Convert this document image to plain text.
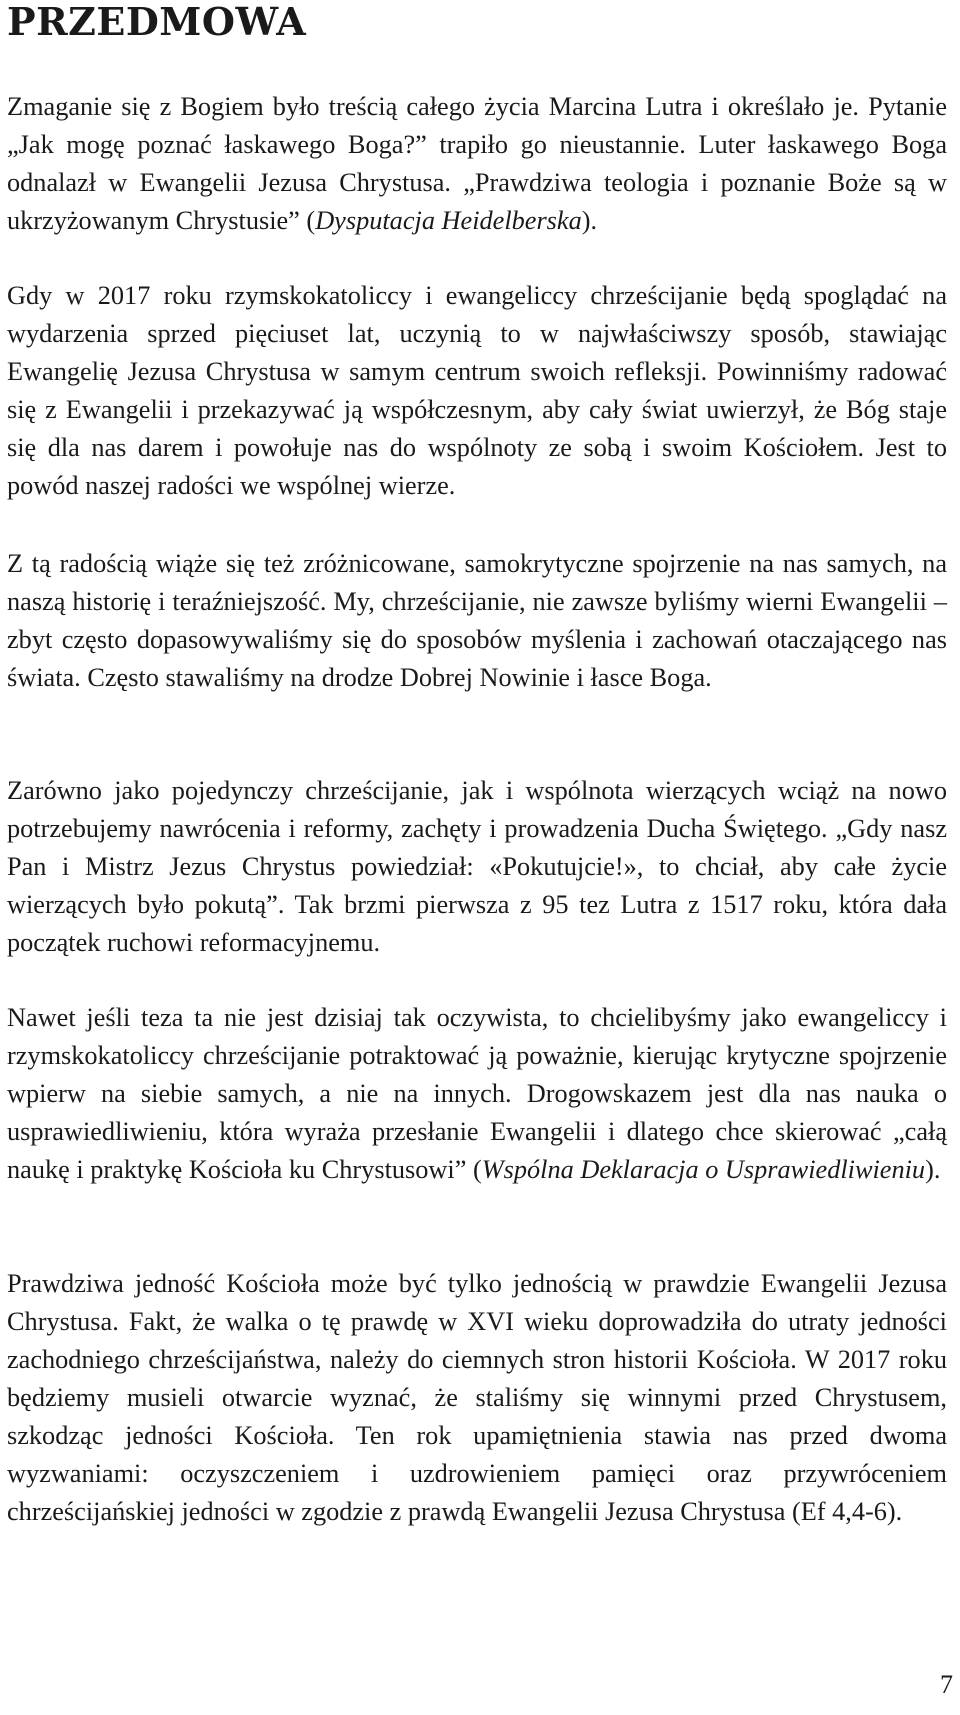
PRZEDMOWA

Zmaganie się z Bogiem było treścią całego życia Marcina Lutra i określało je. Pytanie „Jak mogę poznać łaskawego Boga?” trapiło go nieustannie. Luter łaskawego Boga odnalazł w Ewangelii Jezusa Chrystusa. „Prawdziwa teologia i poznanie Boże są w ukrzyżowanym Chrystusie” (Dysputacja Heidelberska).

Gdy w 2017 roku rzymskokatoliccy i ewangeliccy chrześcijanie będą spoglądać na wydarzenia sprzed pięciuset lat, uczynią to w najwłaściwszy sposób, stawiając Ewangelię Jezusa Chrystusa w samym centrum swoich refleksji. Powinniśmy radować się z Ewangelii i przekazywać ją współczesnym, aby cały świat uwierzył, że Bóg staje się dla nas darem i powołuje nas do wspólnoty ze sobą i swoim Kościołem. Jest to powód naszej radości we wspólnej wierze.

Z tą radością wiąże się też zróżnicowane, samokrytyczne spojrzenie na nas samych, na naszą historię i teraźniejszość. My, chrześcijanie, nie zawsze byliśmy wierni Ewangelii – zbyt często dopasowywaliśmy się do sposobów myślenia i zachowań otaczającego nas świata. Często stawaliśmy na drodze Dobrej Nowinie i łasce Boga.

Zarówno jako pojedynczy chrześcijanie, jak i wspólnota wierzących wciąż na nowo potrzebujemy nawrócenia i reformy, zachęty i prowadzenia Ducha Świętego. „Gdy nasz Pan i Mistrz Jezus Chrystus powiedział: «Pokutujcie!», to chciał, aby całe życie wierzących było pokutą”. Tak brzmi pierwsza z 95 tez Lutra z 1517 roku, która dała początek ruchowi reformacyjnemu.

Nawet jeśli teza ta nie jest dzisiaj tak oczywista, to chcielibyśmy jako ewangeliccy i rzymskokatoliccy chrześcijanie potraktować ją poważnie, kierując krytyczne spojrzenie wpierw na siebie samych, a nie na innych. Drogowskazem jest dla nas nauka o usprawiedliwieniu, która wyraża przesłanie Ewangelii i dlatego chce skierować „całą naukę i praktykę Kościoła ku Chrystusowi” (Wspólna Deklaracja o Usprawiedliwieniu).

Prawdziwa jedność Kościoła może być tylko jednością w prawdzie Ewangelii Jezusa Chrystusa. Fakt, że walka o tę prawdę w XVI wieku doprowadziła do utraty jedności zachodniego chrześcijaństwa, należy do ciemnych stron historii Kościoła. W 2017 roku będziemy musieli otwarcie wyznać, że staliśmy się winnymi przed Chrystusem, szkodząc jedności Kościoła. Ten rok upamiętnienia stawia nas przed dwoma wyzwaniami: oczyszczeniem i uzdrowieniem pamięci oraz przywróceniem chrześcijańskiej jedności w zgodzie z prawdą Ewangelii Jezusa Chrystusa (Ef 4,4-6).

7
